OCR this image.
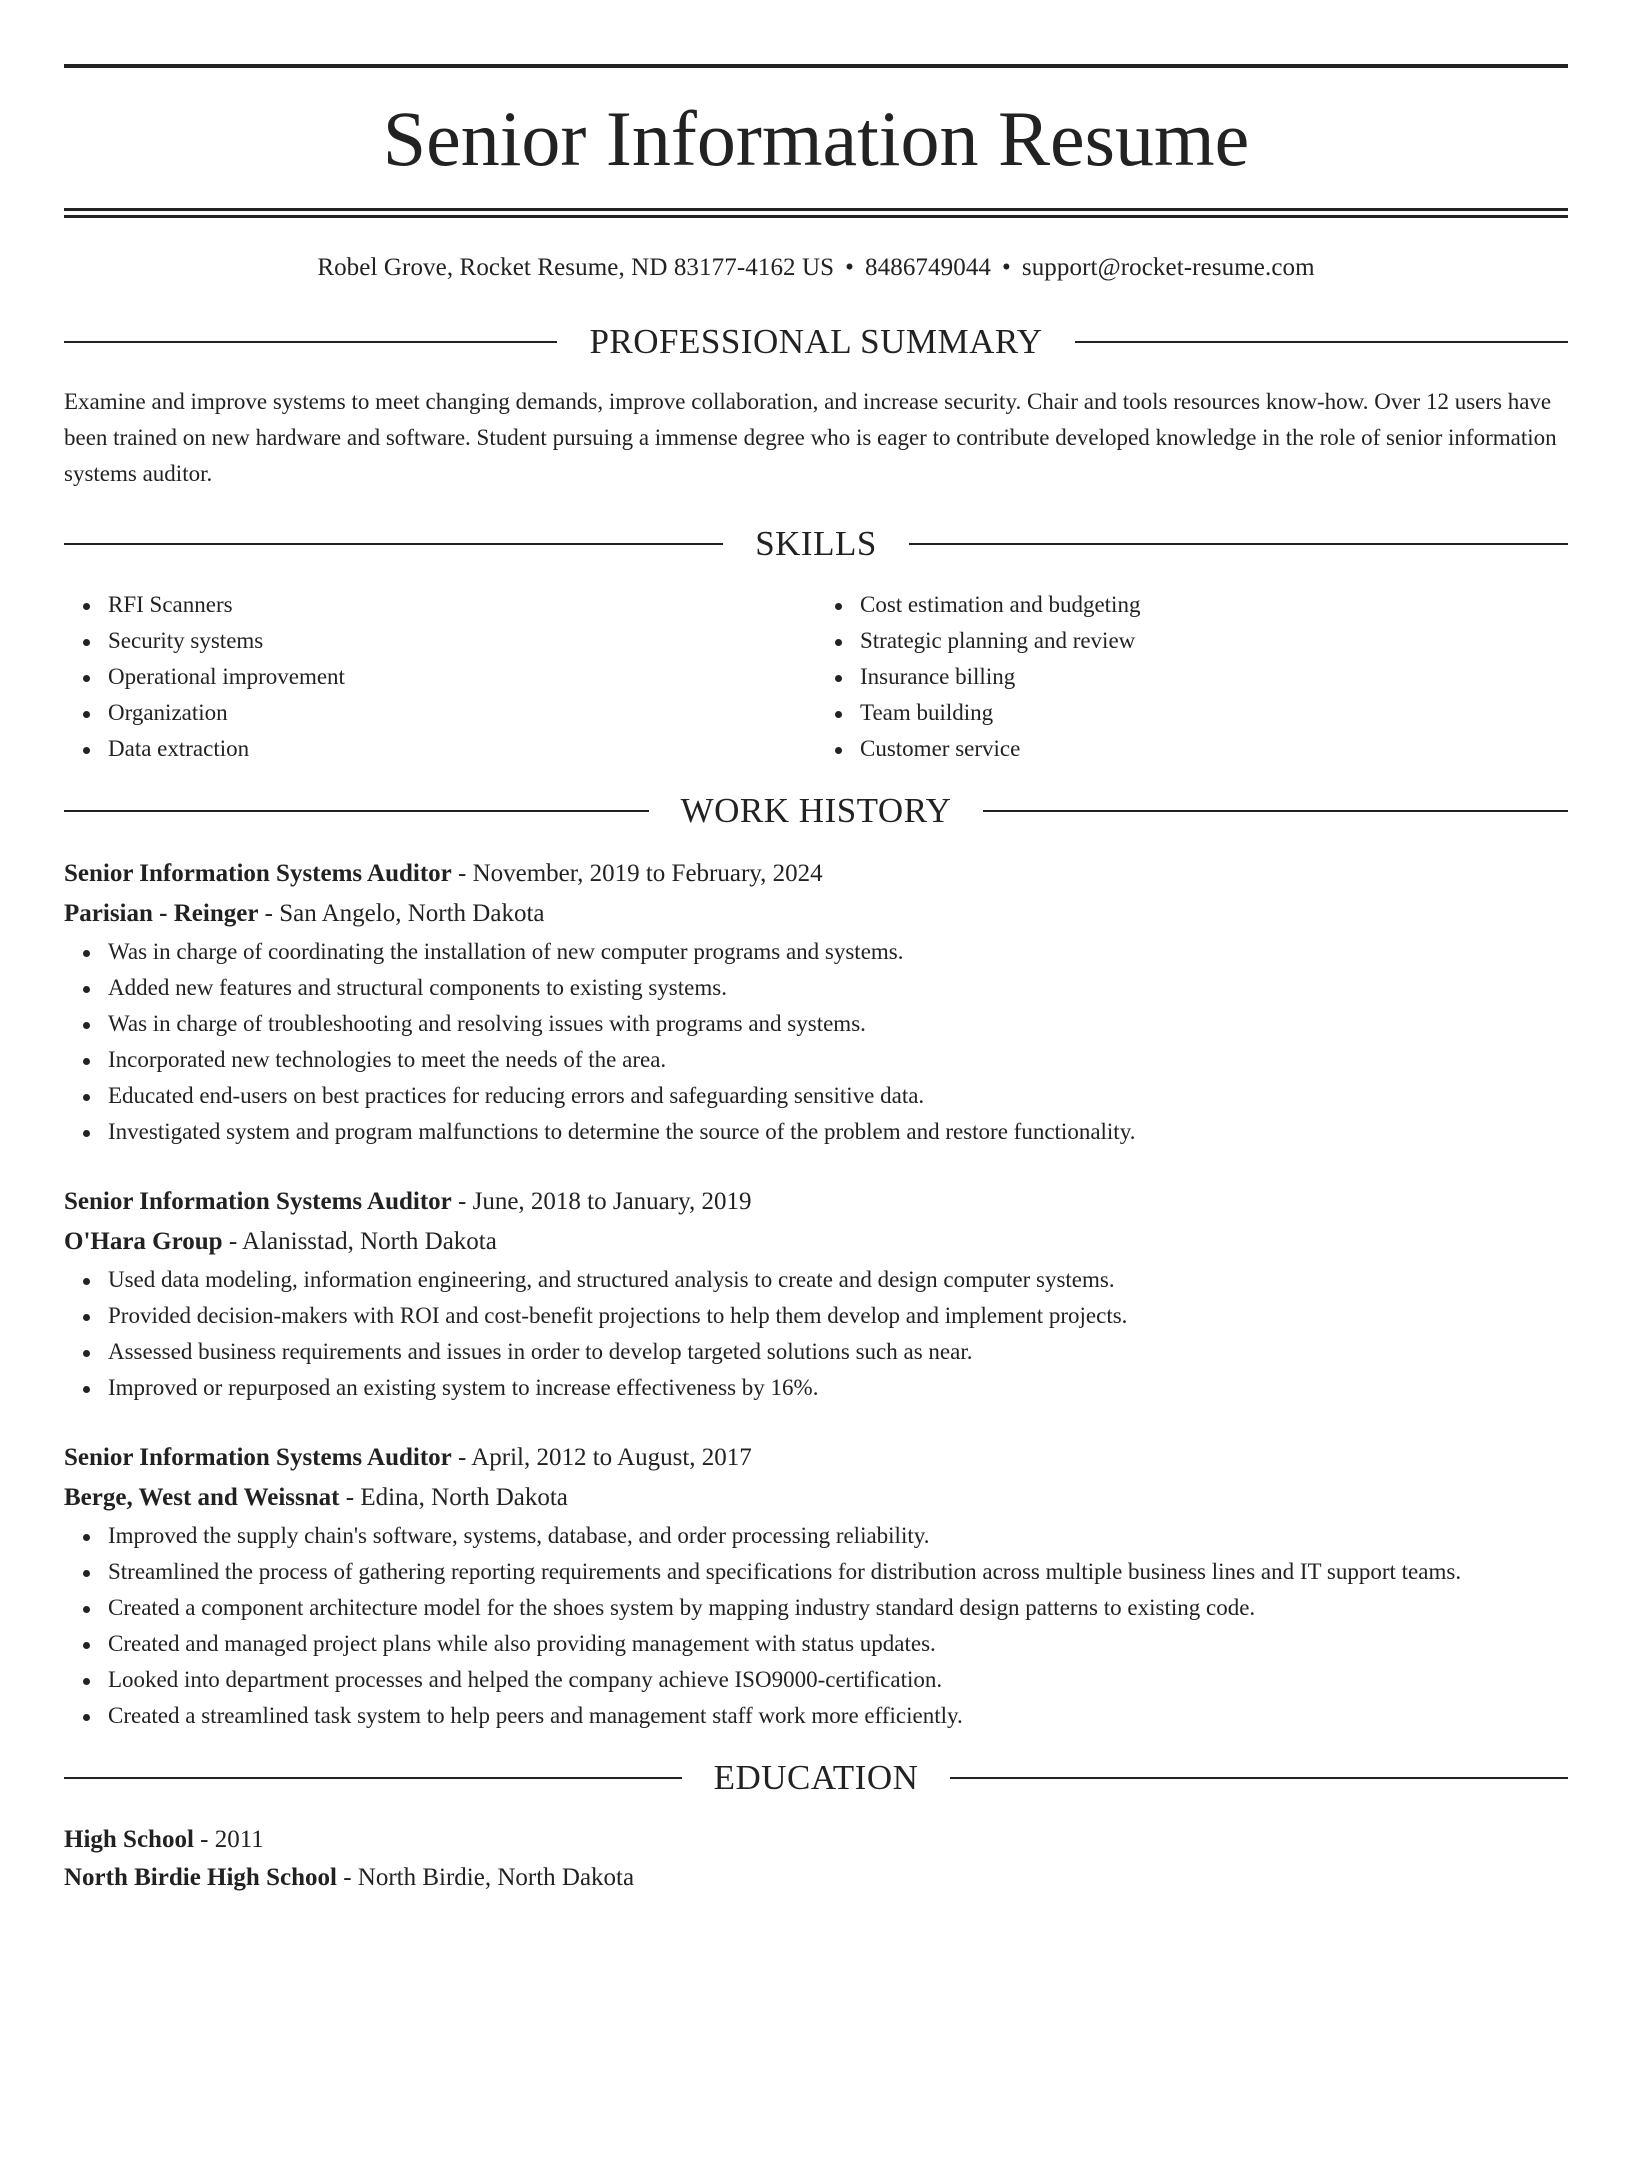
Senior Information Resume
Robel Grove, Rocket Resume, ND 83177-4162 US • 8486749044 • support@rocket-resume.com
PROFESSIONAL SUMMARY
Examine and improve systems to meet changing demands, improve collaboration, and increase security. Chair and tools resources know-how. Over 12 users have been trained on new hardware and software. Student pursuing a immense degree who is eager to contribute developed knowledge in the role of senior information systems auditor.
SKILLS
RFI Scanners
Security systems
Operational improvement
Organization
Data extraction
Cost estimation and budgeting
Strategic planning and review
Insurance billing
Team building
Customer service
WORK HISTORY
Senior Information Systems Auditor - November, 2019 to February, 2024
Parisian - Reinger - San Angelo, North Dakota
Was in charge of coordinating the installation of new computer programs and systems.
Added new features and structural components to existing systems.
Was in charge of troubleshooting and resolving issues with programs and systems.
Incorporated new technologies to meet the needs of the area.
Educated end-users on best practices for reducing errors and safeguarding sensitive data.
Investigated system and program malfunctions to determine the source of the problem and restore functionality.
Senior Information Systems Auditor - June, 2018 to January, 2019
O'Hara Group - Alanisstad, North Dakota
Used data modeling, information engineering, and structured analysis to create and design computer systems.
Provided decision-makers with ROI and cost-benefit projections to help them develop and implement projects.
Assessed business requirements and issues in order to develop targeted solutions such as near.
Improved or repurposed an existing system to increase effectiveness by 16%.
Senior Information Systems Auditor - April, 2012 to August, 2017
Berge, West and Weissnat - Edina, North Dakota
Improved the supply chain's software, systems, database, and order processing reliability.
Streamlined the process of gathering reporting requirements and specifications for distribution across multiple business lines and IT support teams.
Created a component architecture model for the shoes system by mapping industry standard design patterns to existing code.
Created and managed project plans while also providing management with status updates.
Looked into department processes and helped the company achieve ISO9000-certification.
Created a streamlined task system to help peers and management staff work more efficiently.
EDUCATION
High School - 2011
North Birdie High School - North Birdie, North Dakota
